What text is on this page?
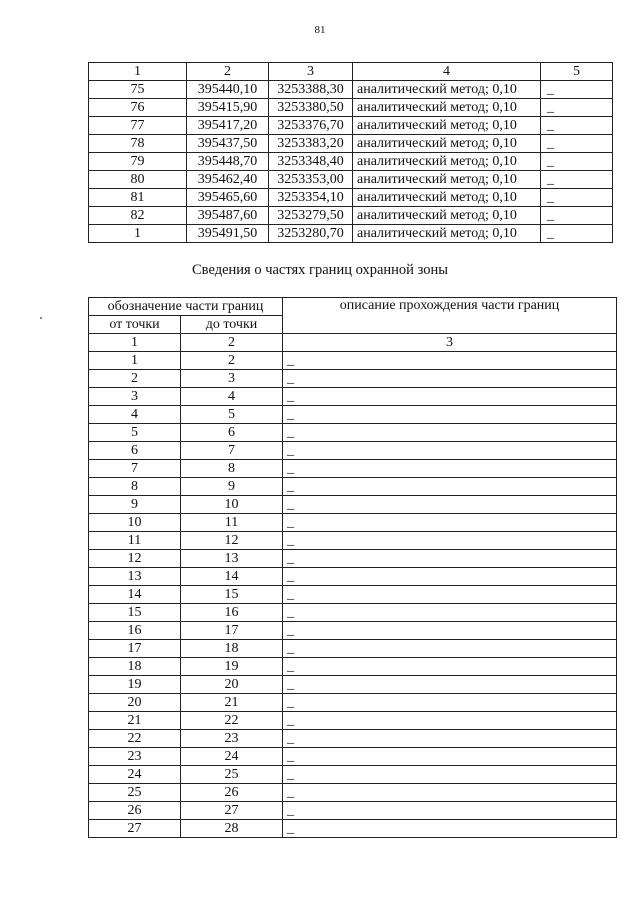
81
1	2	3	4	5
75	395440,10	3253388,30	аналитический метод; 0,10	_
76	395415,90	3253380,50	аналитический метод; 0,10	_
77	395417,20	3253376,70	аналитический метод; 0,10	_
78	395437,50	3253383,20	аналитический метод; 0,10	_
79	395448,70	3253348,40	аналитический метод; 0,10	_
80	395462,40	3253353,00	аналитический метод; 0,10	_
81	395465,60	3253354,10	аналитический метод; 0,10	_
82	395487,60	3253279,50	аналитический метод; 0,10	_
1	395491,50	3253280,70	аналитический метод; 0,10	_
Сведения о частях границ охранной зоны
обозначение части границ		описание прохождения части границ
от точки	до точки	
1	2	3
1	2	_
2	3	_
3	4	_
4	5	_
5	6	_
6	7	_
7	8	_
8	9	_
9	10	_
10	11	_
11	12	_
12	13	_
13	14	_
14	15	_
15	16	_
16	17	_
17	18	_
18	19	_
19	20	_
20	21	_
21	22	_
22	23	_
23	24	_
24	25	_
25	26	_
26	27	_
27	28	_
